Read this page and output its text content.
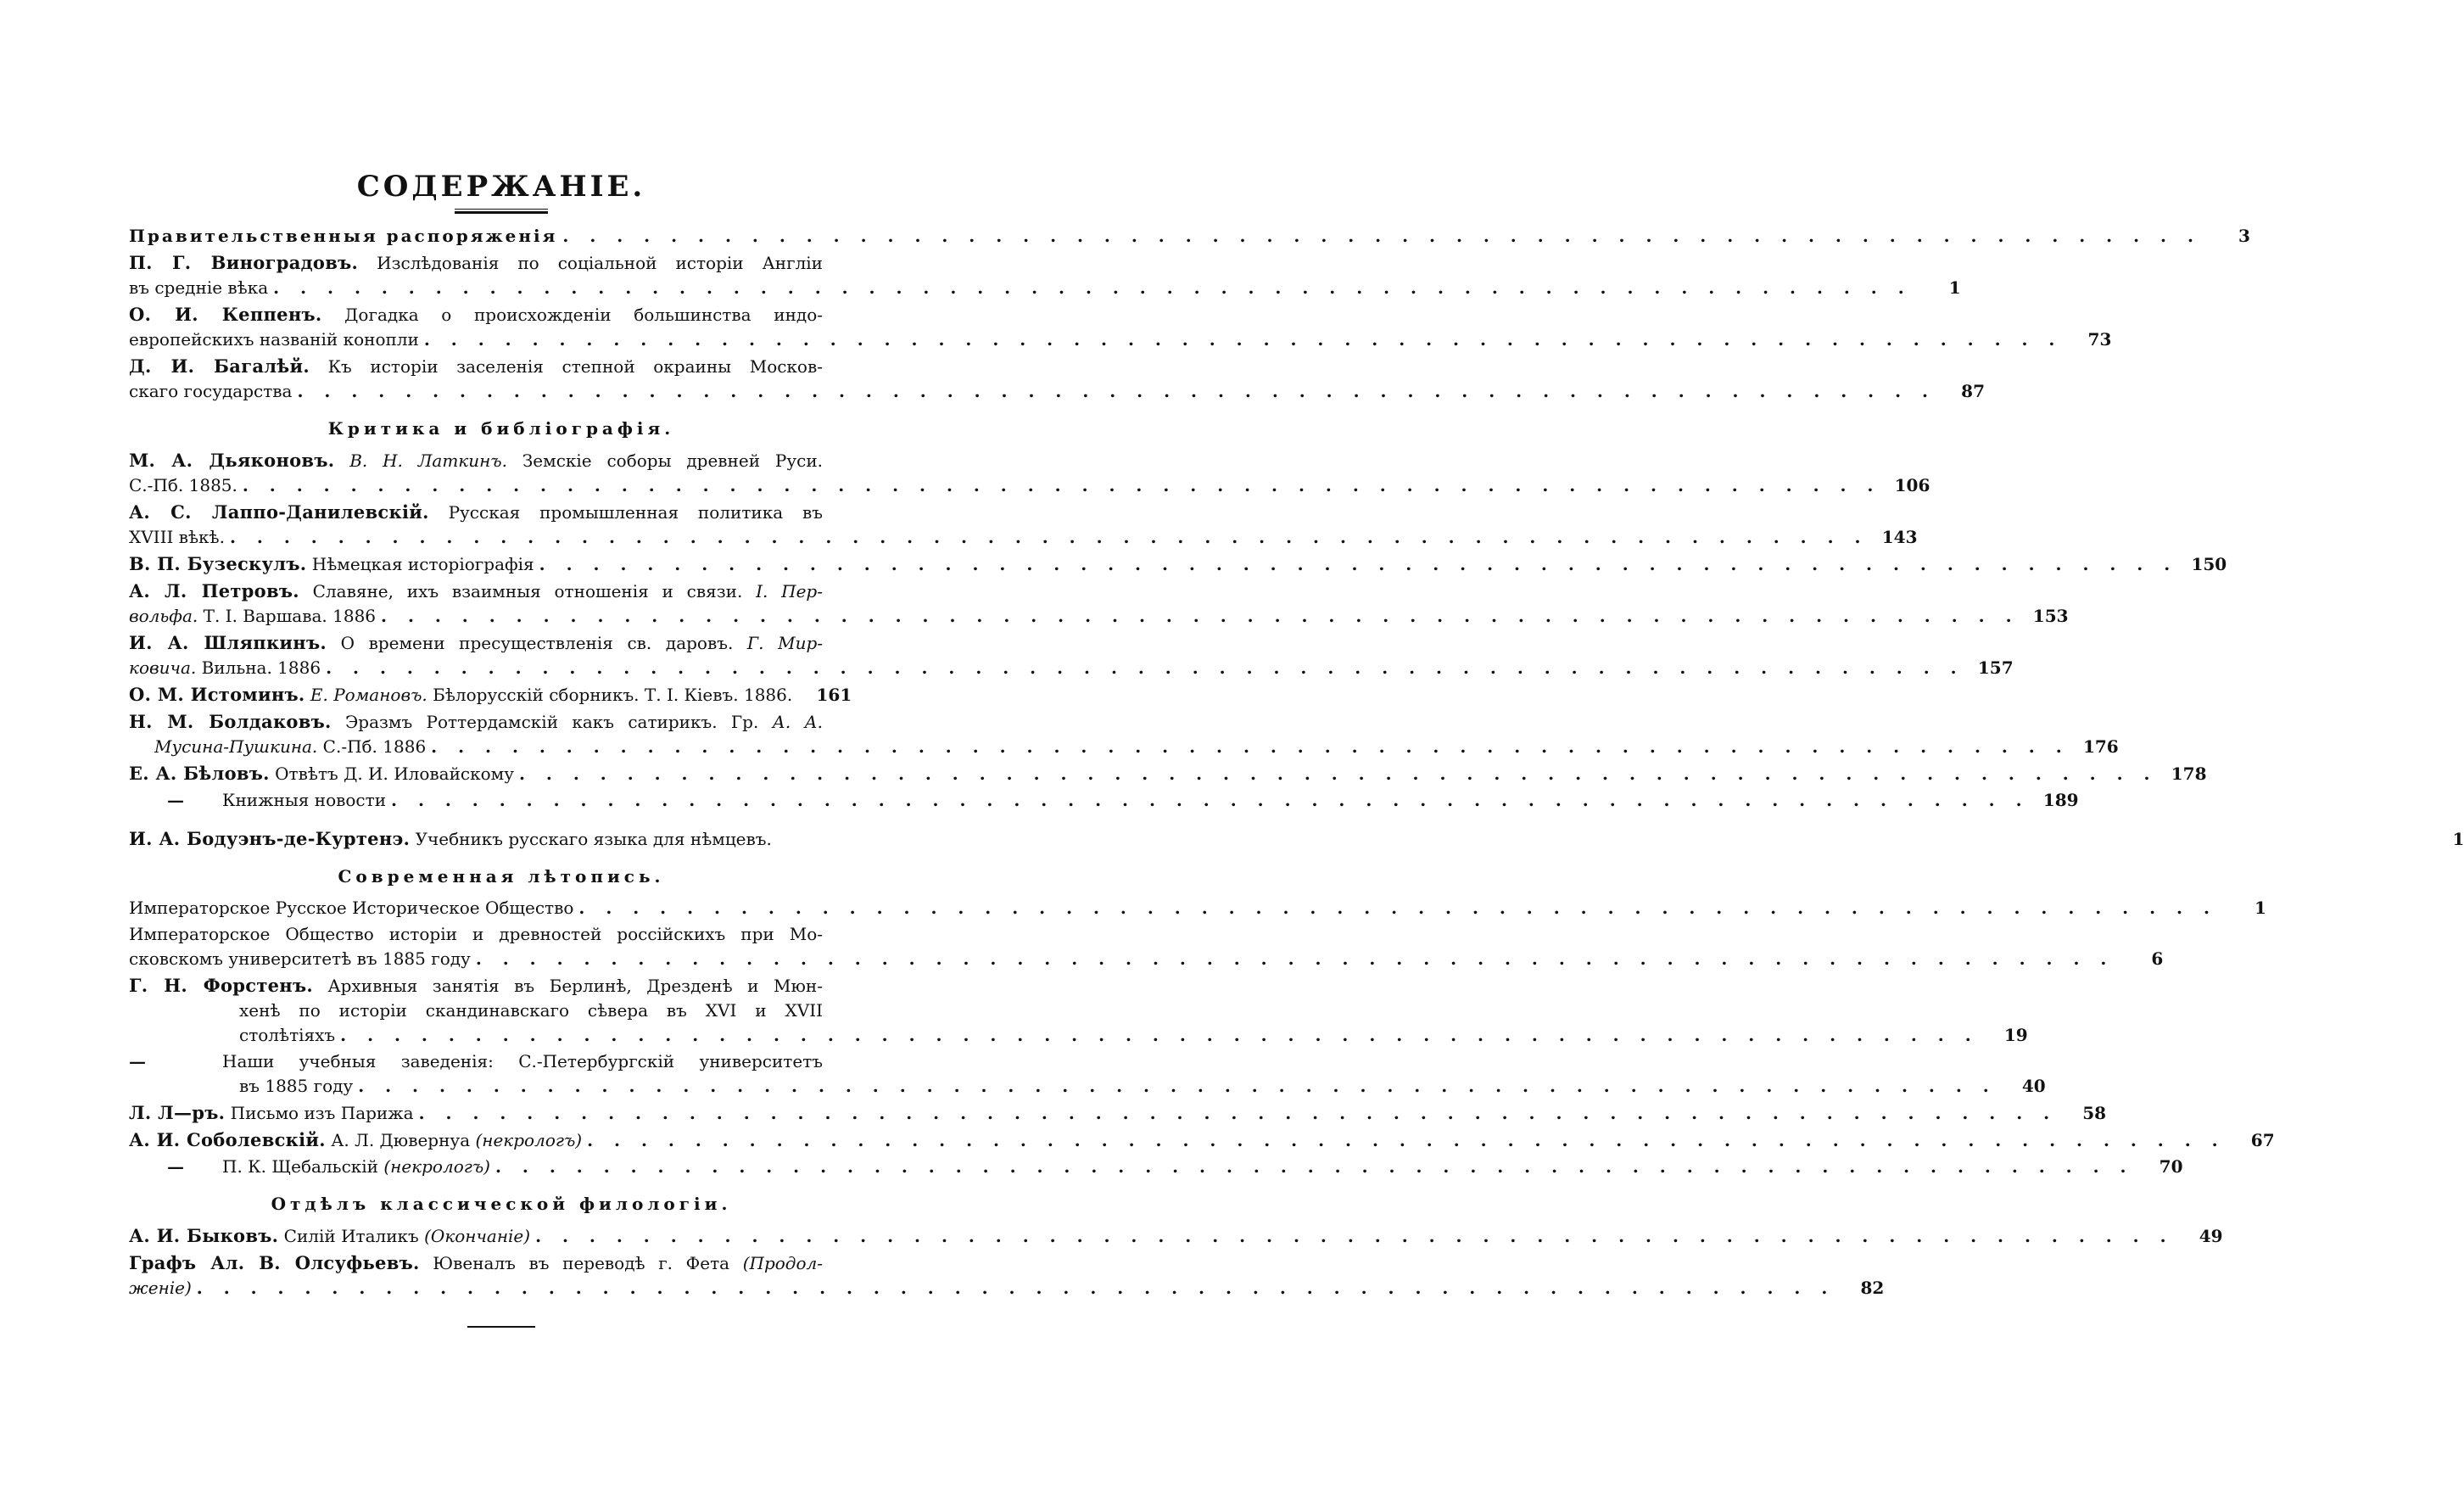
СОДЕРЖАНІЕ.
Правительственныя распоряженія . . .	3
П. Г. Виноградовъ. Изслѣдованія по соціальной исторіи Англіи
въ средніе вѣка . . .	1
О. И. Кеппенъ. Догадка о происхожденіи большинства индо-
европейскихъ названій конопли . . .	73
Д. И. Багалѣй. Къ исторіи заселенія степной окраины Москов-
скаго государства . . .	87
Критика и библіографія.
М. А. Дьяконовъ. В. Н. Латкинъ. Земскіе соборы древней Руси.
С.-Пб. 1885. . . .	106
А. С. Лаппо-Данилевскій. Русская промышленная политика въ
XVIII вѣкѣ. . . .	143
В. П. Бузескулъ. Нѣмецкая исторіографія . . .	150
А. Л. Петровъ. Славяне, ихъ взаимныя отношенія и связи. I. Пер-
вольфа. Т. I. Варшава. 1886 . . .	153
И. А. Шляпкинъ. О времени пресуществленія св. даровъ. Г. Мир-
ковича. Вильна. 1886 . . .	157
О. М. Истоминъ. Е. Романовъ. Бѣлорусскій сборникъ. Т. I. Кіевъ. 1886.	161
Н. М. Болдаковъ. Эразмъ Роттердамскій какъ сатирикъ. Гр. А. А.
Мусина-Пушкина. С.-Пб. 1886 . . .	176
Е. А. Бѣловъ. Отвѣтъ Д. И. Иловайскому . . .	178
— Книжныя новости . . .	189
И. А. Бодуэнъ-де-Куртенэ. Учебникъ русскаго языка для нѣмцевъ.	1
Современная лѣтопись.
Императорское Русское Историческое Общество . . .	1
Императорское Общество исторіи и древностей россійскихъ при Мо-
сковскомъ университетѣ въ 1885 году . . .	6
Г. Н. Форстенъ. Архивныя занятія въ Берлинѣ, Дрезденѣ и Мюн-
хенѣ по исторіи скандинавскаго сѣвера въ XVI и XVII
столѣтіяхъ . . .	19
—	Наши учебныя заведенія: С.-Петербургскій университетъ
въ 1885 году . . .	40
Л. Л—ръ. Письмо изъ Парижа . . .	58
А. И. Соболевскій. А. Л. Дювернуа (некрологъ) . . .	67
— П. К. Щебальскій (некрологъ) . . .	70
Отдѣлъ классической филологіи.
А. И. Быковъ. Силій Италикъ (Окончаніе) . . .	49
Графъ Ал. В. Олсуфьевъ. Ювеналъ въ переводѣ г. Фета (Продол-
женіе) . . .	82
